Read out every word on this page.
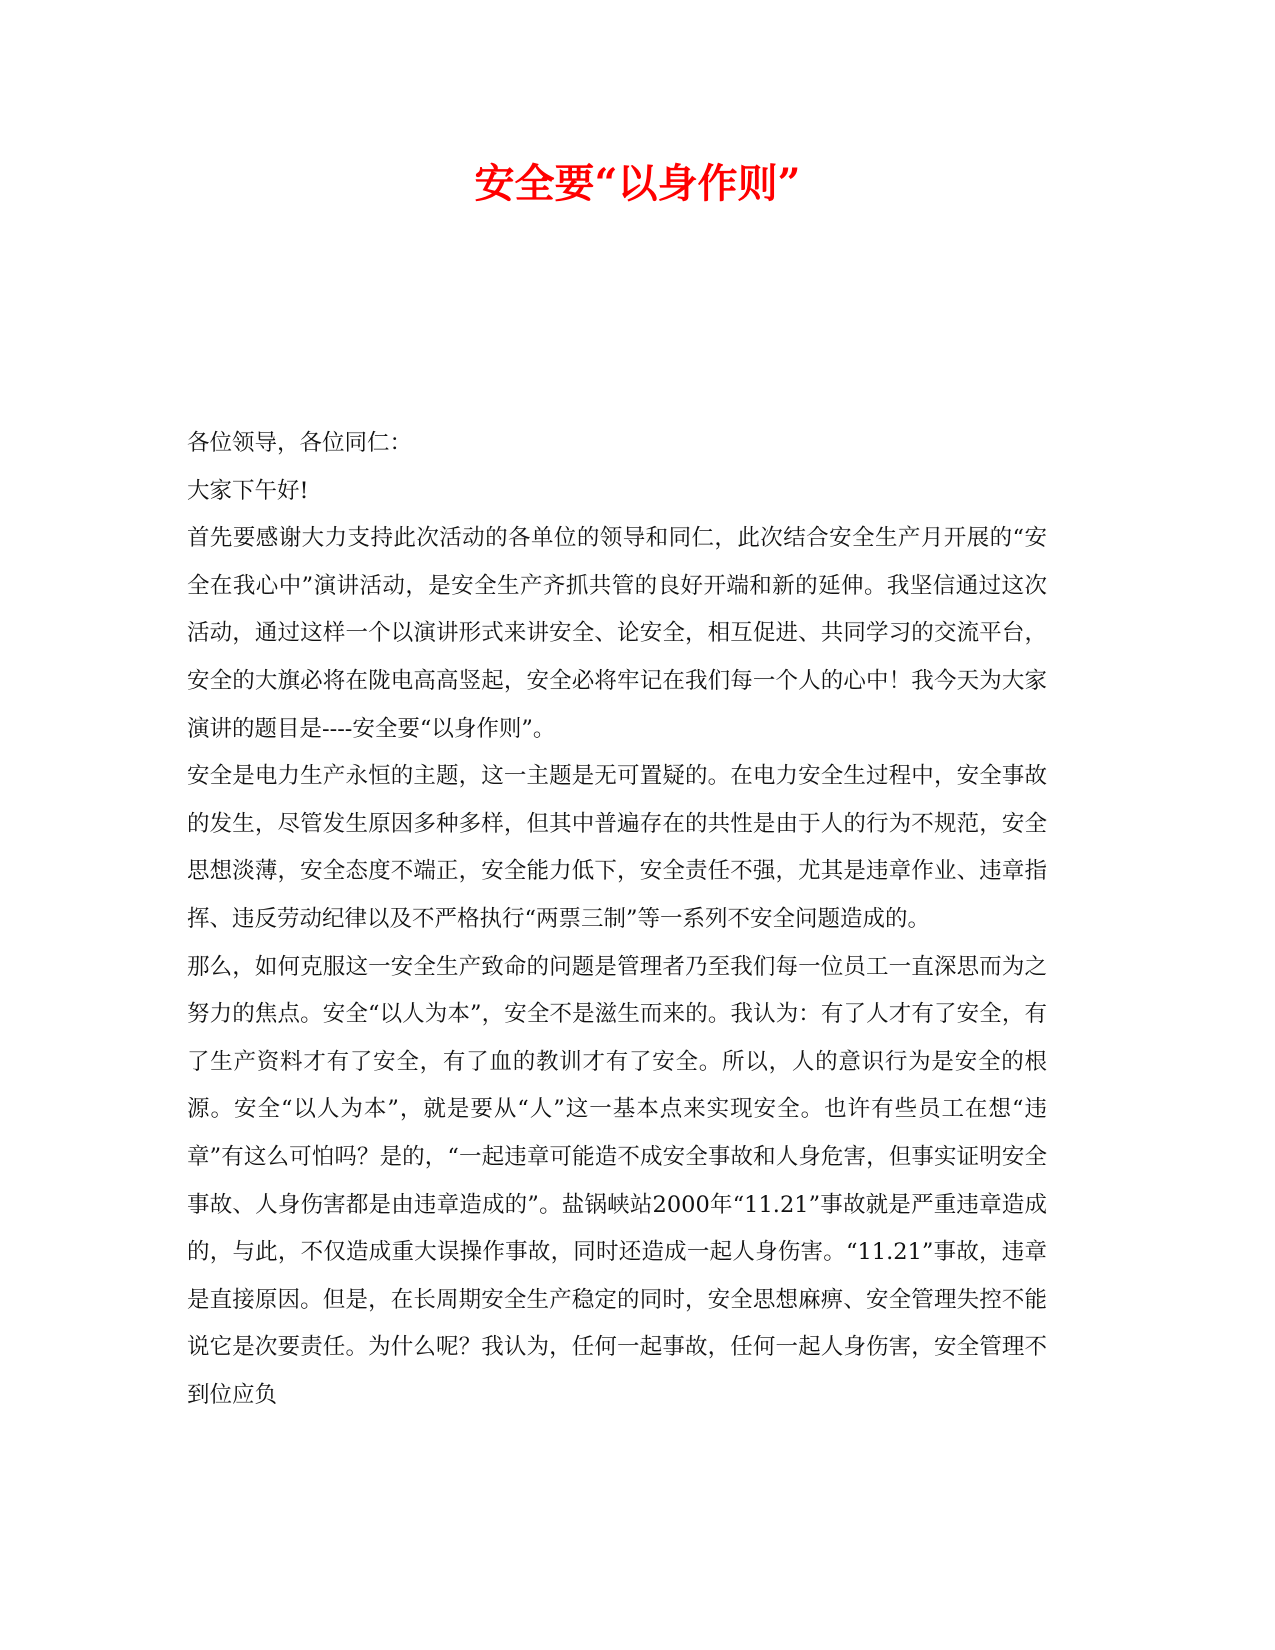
安全要“以身作则”

各位领导，各位同仁：

大家下午好!

首先要感谢大力支持此次活动的各单位的领导和同仁，此次结合安全生产月开展的“安全在我心中”演讲活动，是安全生产齐抓共管的良好开端和新的延伸。我坚信通过这次活动，通过这样一个以演讲形式来讲安全、论安全，相互促进、共同学习的交流平台，安全的大旗必将在陇电高高竖起，安全必将牢记在我们每一个人的心中！我今天为大家演讲的题目是----安全要“以身作则”。

安全是电力生产永恒的主题，这一主题是无可置疑的。在电力安全生过程中，安全事故的发生，尽管发生原因多种多样，但其中普遍存在的共性是由于人的行为不规范，安全思想淡薄，安全态度不端正，安全能力低下，安全责任不强，尤其是违章作业、违章指挥、违反劳动纪律以及不严格执行“两票三制”等一系列不安全问题造成的。

那么，如何克服这一安全生产致命的问题是管理者乃至我们每一位员工一直深思而为之努力的焦点。安全“以人为本”，安全不是滋生而来的。我认为：有了人才有了安全，有了生产资料才有了安全，有了血的教训才有了安全。所以，人的意识行为是安全的根源。安全“以人为本”，就是要从“人”这一基本点来实现安全。也许有些员工在想“违章”有这么可怕吗？是的，“一起违章可能造不成安全事故和人身危害，但事实证明安全事故、人身伤害都是由违章造成的”。盐锅峡站2000年“11.21”事故就是严重违章造成的，与此，不仅造成重大误操作事故，同时还造成一起人身伤害。“11.21”事故，违章是直接原因。但是，在长周期安全生产稳定的同时，安全思想麻痹、安全管理失控不能说它是次要责任。为什么呢？我认为，任何一起事故，任何一起人身伤害，安全管理不到位应负
